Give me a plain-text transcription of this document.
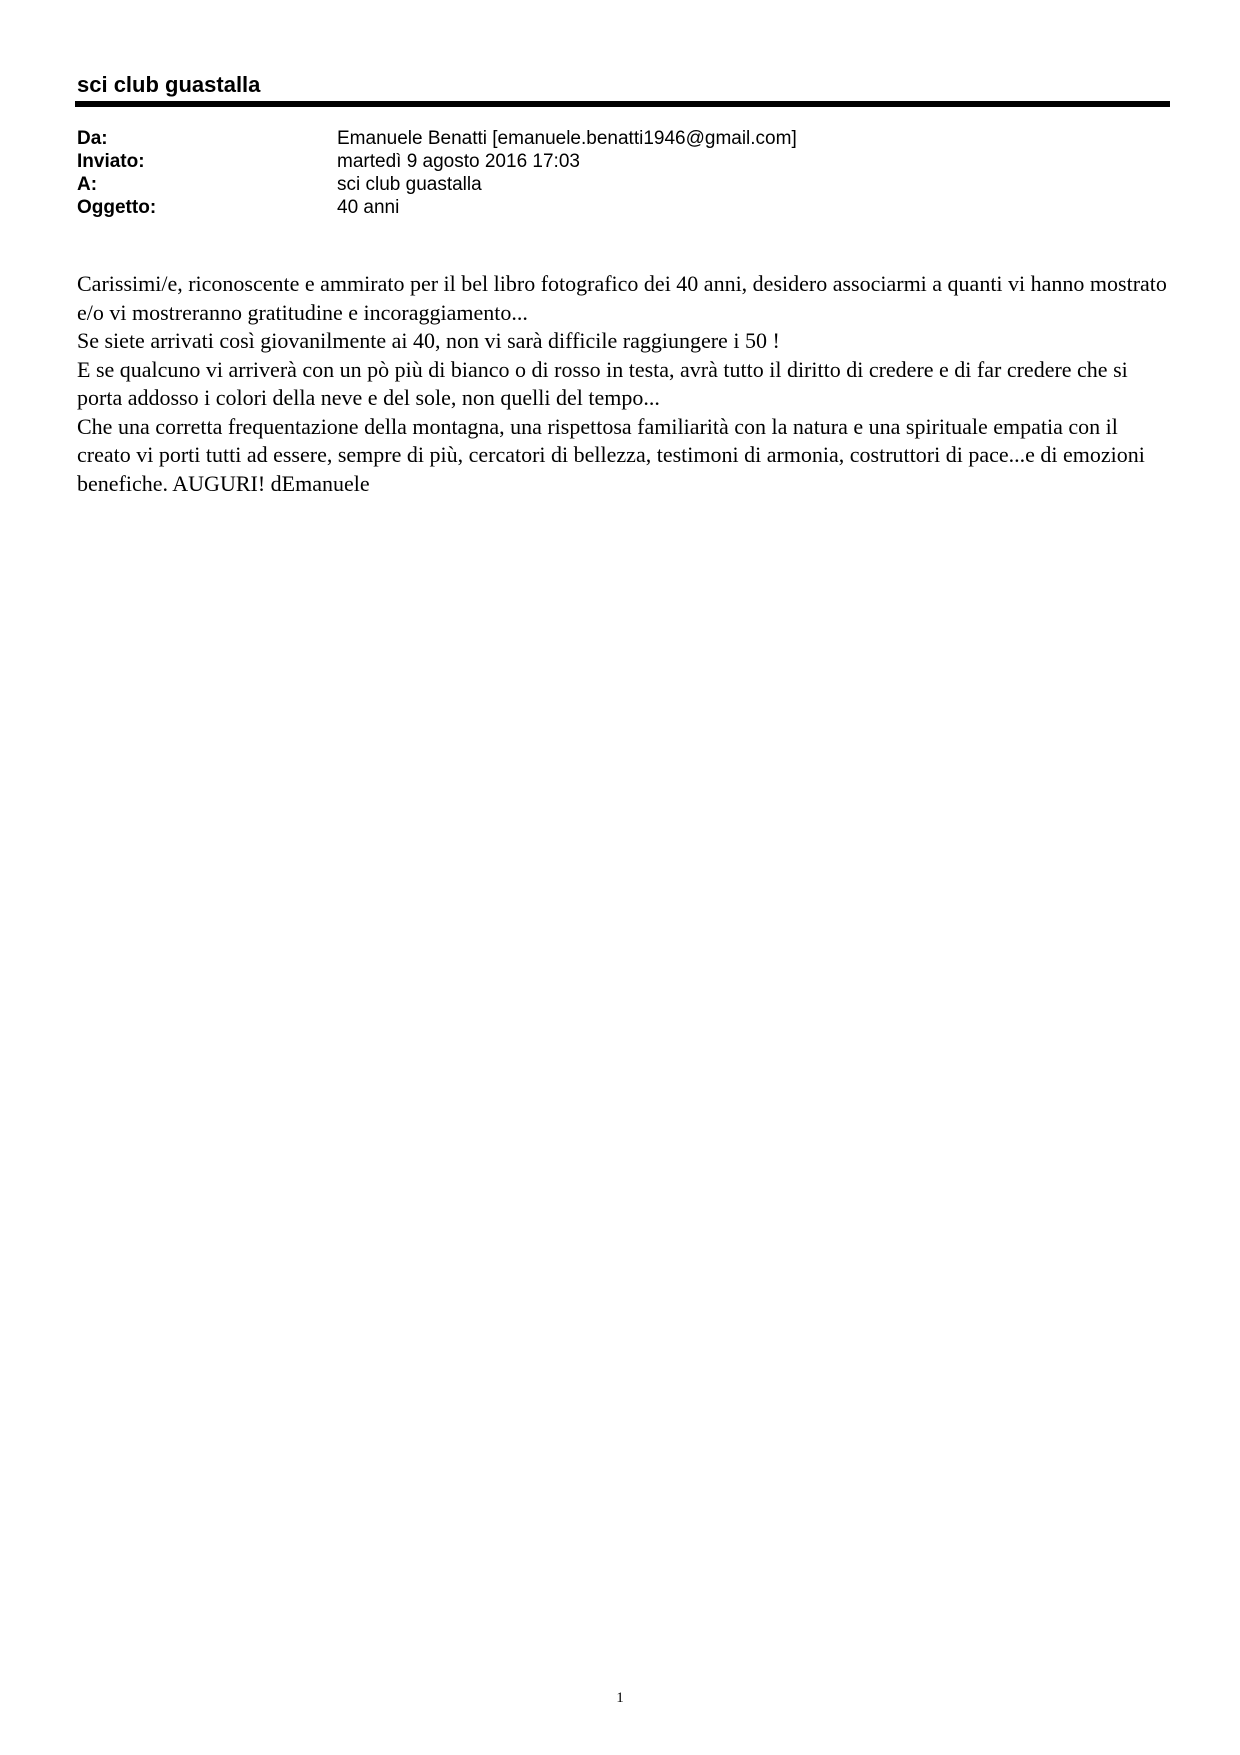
sci club guastalla
Da:	Emanuele Benatti [emanuele.benatti1946@gmail.com]
Inviato:	martedì 9 agosto 2016 17:03
A:	sci club guastalla
Oggetto:	40 anni

Carissimi/e, riconoscente e ammirato per il bel libro fotografico dei 40 anni, desidero associarmi a quanti vi hanno mostrato e/o vi mostreranno gratitudine e incoraggiamento...

Se siete arrivati così giovanilmente ai 40, non vi sarà difficile raggiungere i 50 !

E se qualcuno vi arriverà con un pò più di bianco o di rosso in testa, avrà tutto il diritto di credere e di far credere che si porta addosso i colori della neve e del sole, non quelli del tempo...

Che una corretta frequentazione della montagna, una rispettosa familiarità con la natura e una spirituale empatia con il creato vi porti tutti ad essere, sempre di più, cercatori di bellezza, testimoni di armonia, costruttori di pace...e di emozioni benefiche. AUGURI! dEmanuele

1
